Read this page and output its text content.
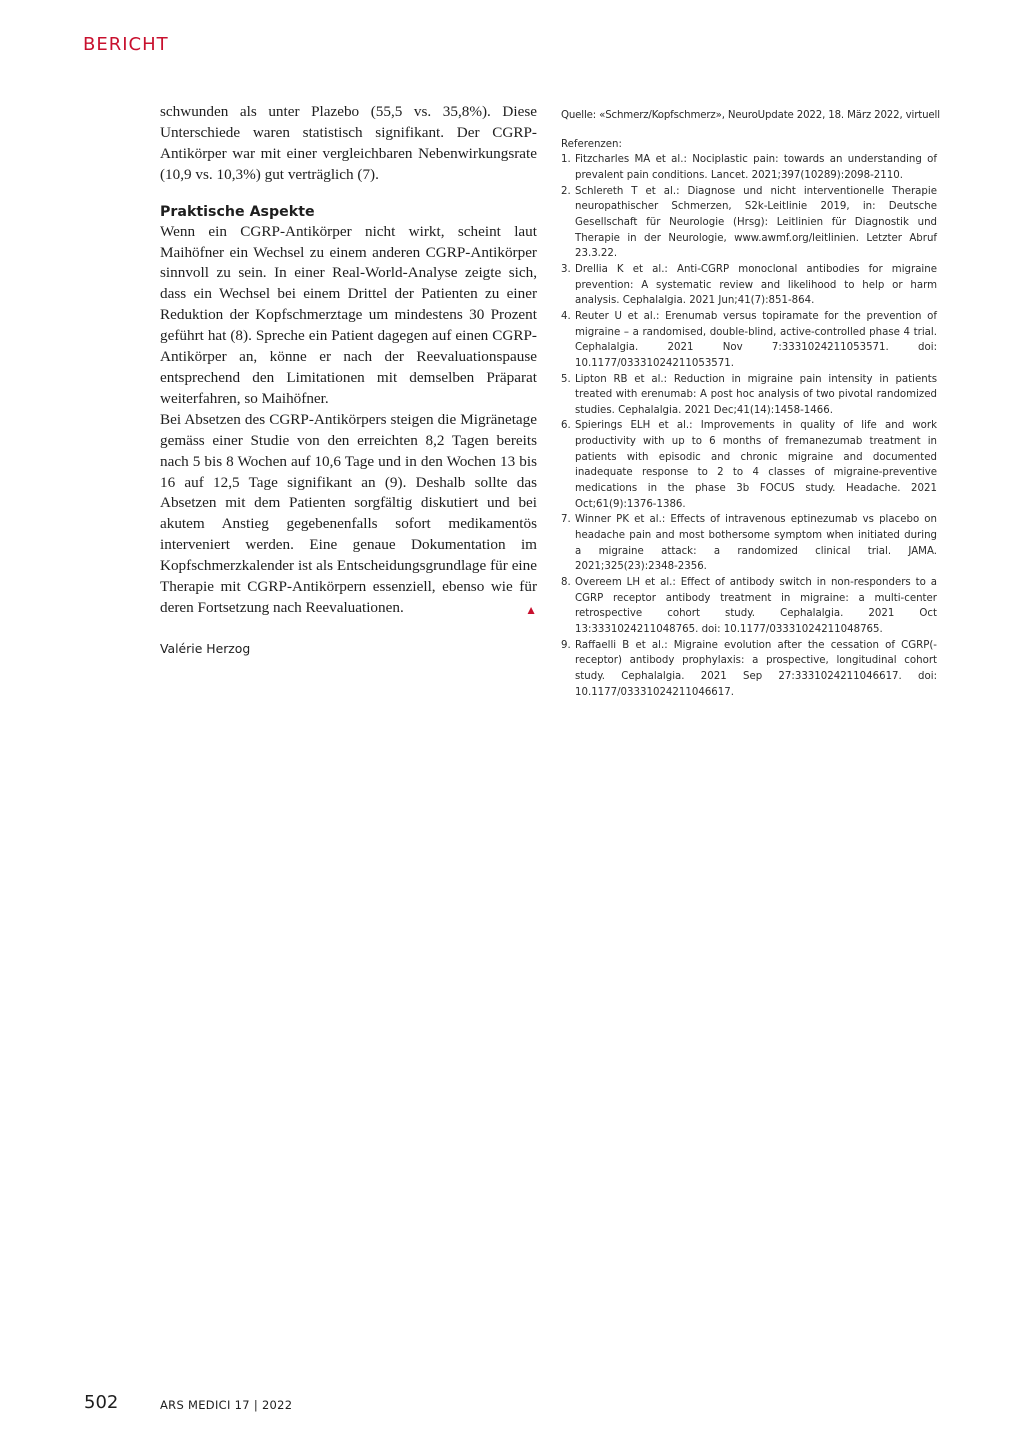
BERICHT

schwunden als unter Plazebo (55,5 vs. 35,8%). Diese Unterschiede waren statistisch signifikant. Der CGRP-Antikörper war mit einer vergleichbaren Nebenwirkungsrate (10,9 vs. 10,3%) gut verträglich (7).

Praktische Aspekte

Wenn ein CGRP-Antikörper nicht wirkt, scheint laut Maihöfner ein Wechsel zu einem anderen CGRP-Antikörper sinnvoll zu sein. In einer Real-World-Analyse zeigte sich, dass ein Wechsel bei einem Drittel der Patienten zu einer Reduktion der Kopfschmerztage um mindestens 30 Prozent geführt hat (8). Spreche ein Patient dagegen auf einen CGRP-Antikörper an, könne er nach der Reevaluationspause entsprechend den Limitationen mit demselben Präparat weiterfahren, so Maihöfner.

Bei Absetzen des CGRP-Antikörpers steigen die Migränetage gemäss einer Studie von den erreichten 8,2 Tagen bereits nach 5 bis 8 Wochen auf 10,6 Tage und in den Wochen 13 bis 16 auf 12,5 Tage signifikant an (9). Deshalb sollte das Absetzen mit dem Patienten sorgfältig diskutiert und bei akutem Anstieg gegebenenfalls sofort medikamentös interveniert werden. Eine genaue Dokumentation im Kopfschmerzkalender ist als Entscheidungsgrundlage für eine Therapie mit CGRP-Antikörpern essenziell, ebenso wie für deren Fortsetzung nach Reevaluationen.	▲

Valérie Herzog

Quelle: «Schmerz/Kopfschmerz», NeuroUpdate 2022, 18. März 2022, virtuell

Referenzen:

1. Fitzcharles MA et al.: Nociplastic pain: towards an understanding of prevalent pain conditions. Lancet. 2021;397(10289):2098-2110.
2. Schlereth T et al.: Diagnose und nicht interventionelle Therapie neuropathischer Schmerzen, S2k-Leitlinie 2019, in: Deutsche Gesellschaft für Neurologie (Hrsg): Leitlinien für Diagnostik und Therapie in der Neurologie, www.awmf.org/leitlinien. Letzter Abruf 23.3.22.
3. Drellia K et al.: Anti-CGRP monoclonal antibodies for migraine prevention: A systematic review and likelihood to help or harm analysis. Cephalalgia. 2021 Jun;41(7):851-864.
4. Reuter U et al.: Erenumab versus topiramate for the prevention of migraine – a randomised, double-blind, active-controlled phase 4 trial. Cephalalgia. 2021 Nov 7:3331024211053571. doi: 10.1177/03331024211053571.
5. Lipton RB et al.: Reduction in migraine pain intensity in patients treated with erenumab: A post hoc analysis of two pivotal randomized studies. Cephalalgia. 2021 Dec;41(14):1458-1466.
6. Spierings ELH et al.: Improvements in quality of life and work productivity with up to 6 months of fremanezumab treatment in patients with episodic and chronic migraine and documented inadequate response to 2 to 4 classes of migraine-preventive medications in the phase 3b FOCUS study. Headache. 2021 Oct;61(9):1376-1386.
7. Winner PK et al.: Effects of intravenous eptinezumab vs placebo on headache pain and most bothersome symptom when initiated during a migraine attack: a randomized clinical trial. JAMA. 2021;325(23):2348-2356.
8. Overeem LH et al.: Effect of antibody switch in non-responders to a CGRP receptor antibody treatment in migraine: a multi-center retrospective cohort study. Cephalalgia. 2021 Oct 13:3331024211048765. doi: 10.1177/03331024211048765.
9. Raffaelli B et al.: Migraine evolution after the cessation of CGRP(-receptor) antibody prophylaxis: a prospective, longitudinal cohort study. Cephalalgia. 2021 Sep 27:3331024211046617. doi: 10.1177/03331024211046617.
502	ARS MEDICI 17 | 2022
